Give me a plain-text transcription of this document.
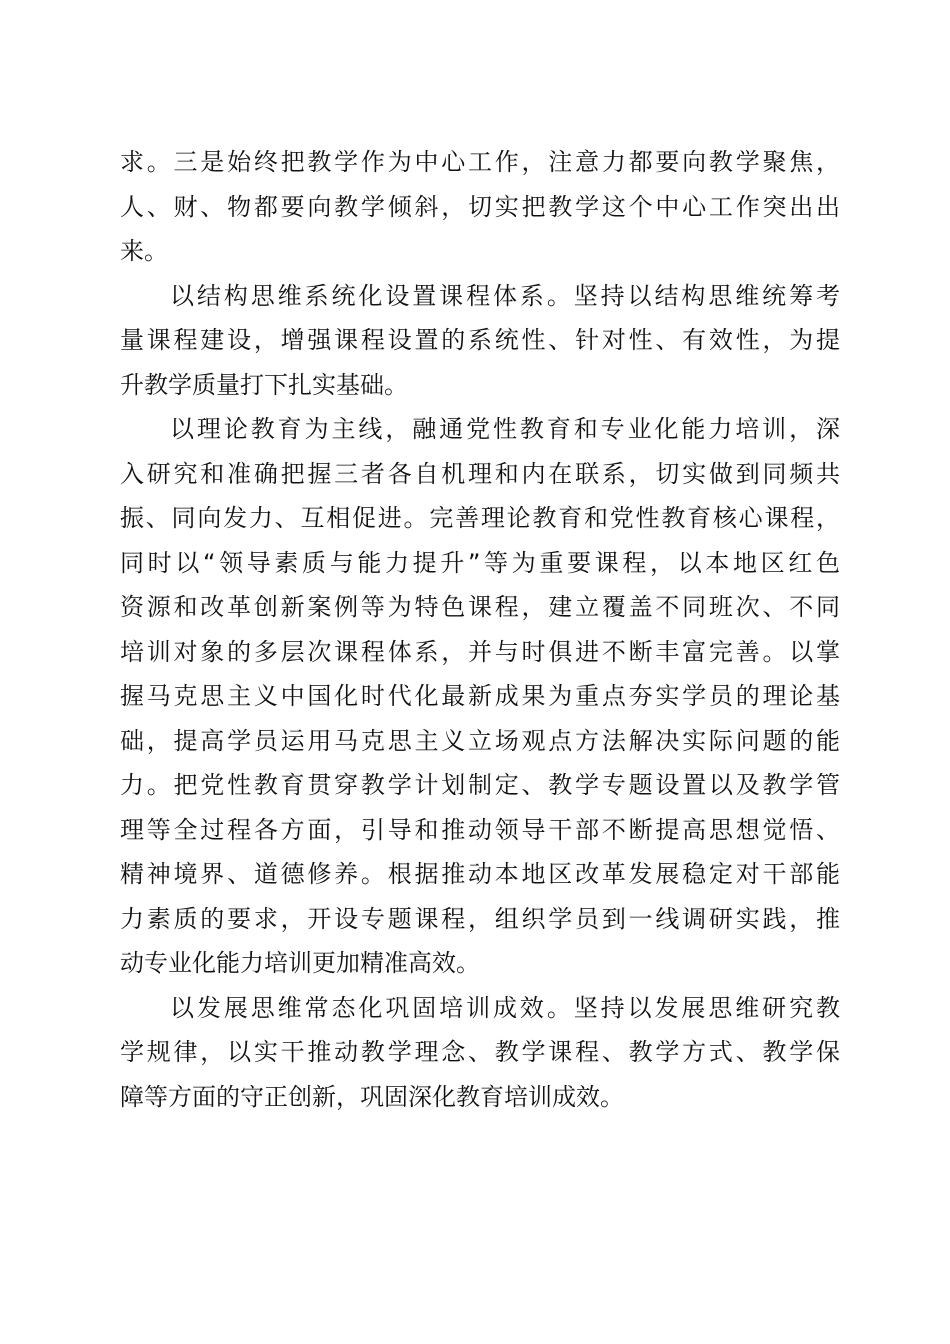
求。三是始终把教学作为中心工作，注意力都要向教学聚焦，
人、财、物都要向教学倾斜，切实把教学这个中心工作突出出
来。
以结构思维系统化设置课程体系。坚持以结构思维统筹考
量课程建设，增强课程设置的系统性、针对性、有效性，为提
升教学质量打下扎实基础。
以理论教育为主线，融通党性教育和专业化能力培训，深
入研究和准确把握三者各自机理和内在联系，切实做到同频共
振、同向发力、互相促进。完善理论教育和党性教育核心课程，
同时以“领导素质与能力提升”等为重要课程，以本地区红色
资源和改革创新案例等为特色课程，建立覆盖不同班次、不同
培训对象的多层次课程体系，并与时俱进不断丰富完善。以掌
握马克思主义中国化时代化最新成果为重点夯实学员的理论基
础，提高学员运用马克思主义立场观点方法解决实际问题的能
力。把党性教育贯穿教学计划制定、教学专题设置以及教学管
理等全过程各方面，引导和推动领导干部不断提高思想觉悟、
精神境界、道德修养。根据推动本地区改革发展稳定对干部能
力素质的要求，开设专题课程，组织学员到一线调研实践，推
动专业化能力培训更加精准高效。
以发展思维常态化巩固培训成效。坚持以发展思维研究教
学规律，以实干推动教学理念、教学课程、教学方式、教学保
障等方面的守正创新，巩固深化教育培训成效。
